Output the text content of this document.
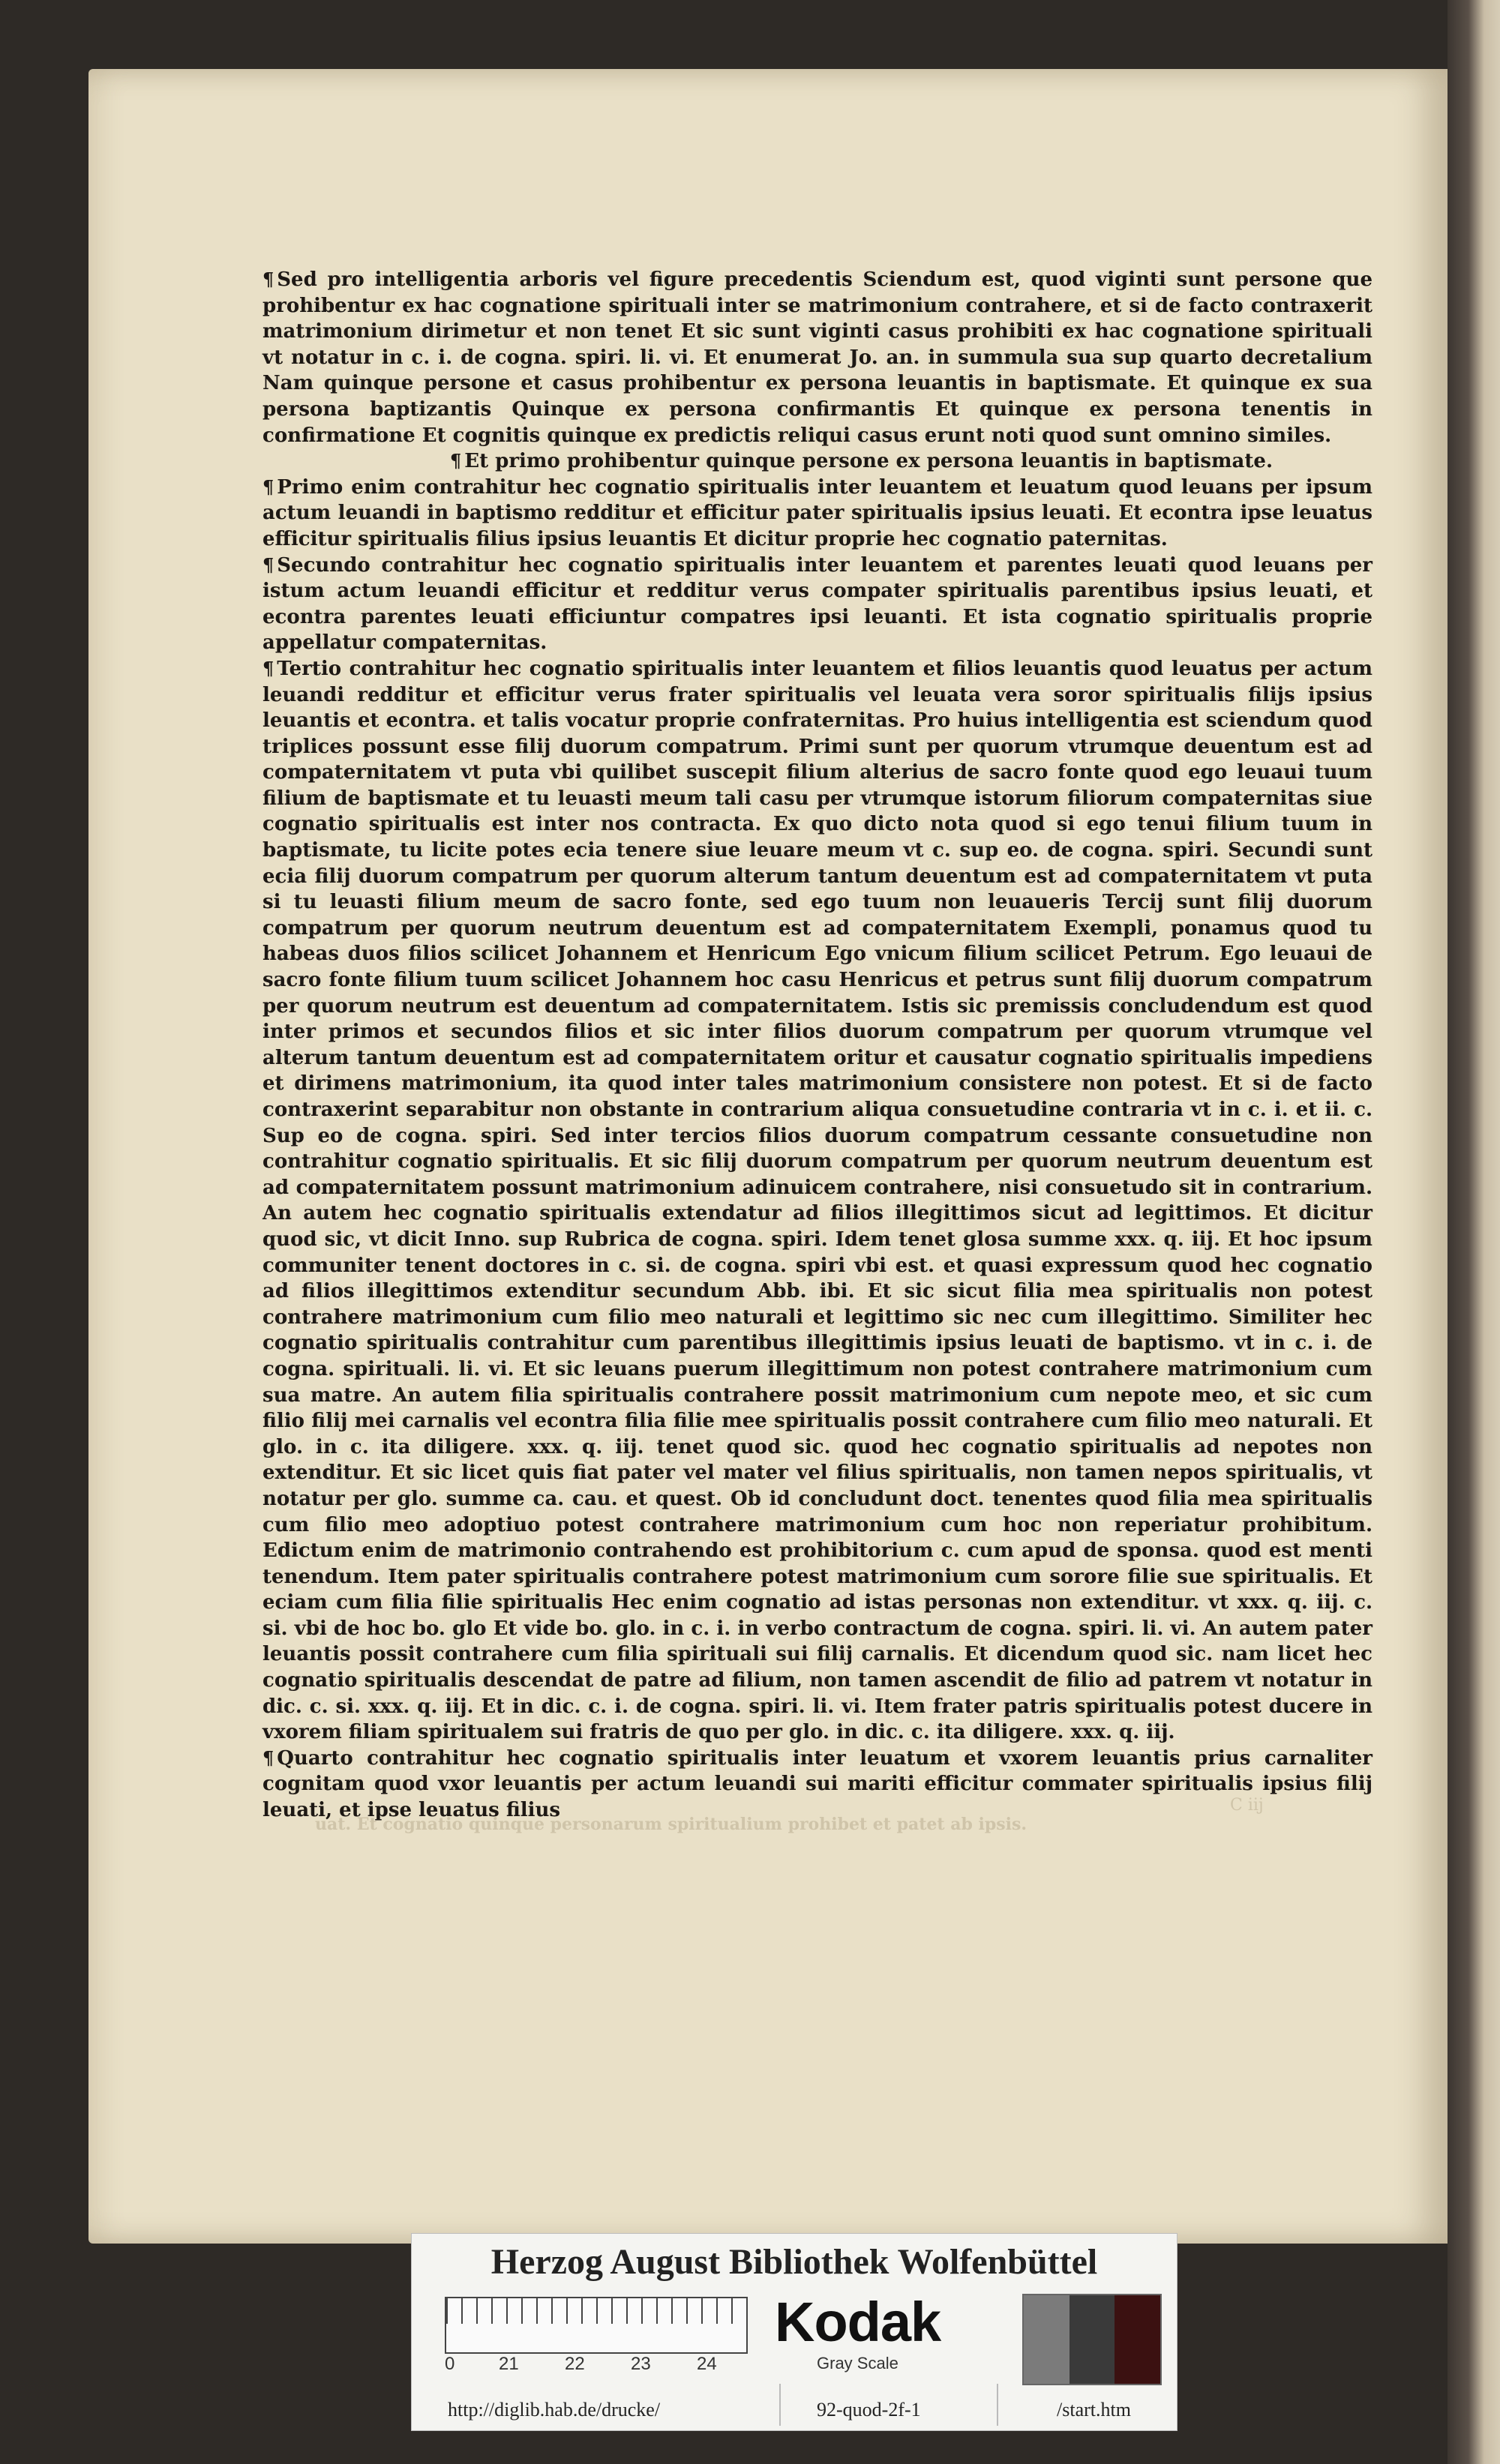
¶ Sed pro intelligentia arboris vel figure precedentis Sciendum est, quod viginti sunt persone que prohibentur ex hac cognatione spirituali inter se matrimonium contrahere, et si de facto contraxerit matrimonium dirimetur et non tenet Et sic sunt viginti casus prohibiti ex hac cognatione spirituali vt notatur in c. i. de cogna. spiri. li. vi. Et enumerat Jo. an. in summula sua sup quarto decretalium Nam quinque persone et casus prohibentur ex persona leuantis in baptismate. Et quinque ex sua persona baptizantis Quinque ex persona confirmantis Et quinque ex persona tenentis in confirmatione Et cognitis quinque ex predictis reliqui casus erunt noti quod sunt omnino similes.

¶ Et primo prohibentur quinque persone ex persona leuantis in baptismate.

¶ Primo enim contrahitur hec cognatio spiritualis inter leuantem et leuatum quod leuans per ipsum actum leuandi in baptismo redditur et efficitur pater spiritualis ipsius leuati. Et econtra ipse leuatus efficitur spiritualis filius ipsius leuantis Et dicitur proprie hec cognatio paternitas.

¶ Secundo contrahitur hec cognatio spiritualis inter leuantem et parentes leuati quod leuans per istum actum leuandi efficitur et redditur verus compater spiritualis parentibus ipsius leuati, et econtra parentes leuati efficiuntur compatres ipsi leuanti. Et ista cognatio spiritualis proprie appellatur compaternitas.

¶ Tertio contrahitur hec cognatio spiritualis inter leuantem et filios leuantis quod leuatus per actum leuandi redditur et efficitur verus frater spiritualis vel leuata vera soror spiritualis filijs ipsius leuantis et econtra. et talis vocatur proprie confraternitas. Pro huius intelligentia est sciendum quod triplices possunt esse filij duorum compatrum. Primi sunt per quorum vtrumque deuentum est ad compaternitatem vt puta vbi quilibet suscepit filium alterius de sacro fonte quod ego leuaui tuum filium de baptismate et tu leuasti meum tali casu per vtrumque istorum filiorum compaternitas siue cognatio spiritualis est inter nos contracta. Ex quo dicto nota quod si ego tenui filium tuum in baptismate, tu licite potes ecia tenere siue leuare meum vt c. sup eo. de cogna. spiri. Secundi sunt ecia filij duorum compatrum per quorum alterum tantum deuentum est ad compaternitatem vt puta si tu leuasti filium meum de sacro fonte, sed ego tuum non leuaueris Tercij sunt filij duorum compatrum per quorum neutrum deuentum est ad compaternitatem Exempli, ponamus quod tu habeas duos filios scilicet Johannem et Henricum Ego vnicum filium scilicet Petrum. Ego leuaui de sacro fonte filium tuum scilicet Johannem hoc casu Henricus et petrus sunt filij duorum compatrum per quorum neutrum est deuentum ad compaternitatem. Istis sic premissis concludendum est quod inter primos et secundos filios et sic inter filios duorum compatrum per quorum vtrumque vel alterum tantum deuentum est ad compaternitatem oritur et causatur cognatio spiritualis impediens et dirimens matrimonium, ita quod inter tales matrimonium consistere non potest. Et si de facto contraxerint separabitur non obstante in contrarium aliqua consuetudine contraria vt in c. i. et ii. c. Sup eo de cogna. spiri. Sed inter tercios filios duorum compatrum cessante consuetudine non contrahitur cognatio spiritualis. Et sic filij duorum compatrum per quorum neutrum deuentum est ad compaternitatem possunt matrimonium adinuicem contrahere, nisi consuetudo sit in contrarium. An autem hec cognatio spiritualis extendatur ad filios illegittimos sicut ad legittimos. Et dicitur quod sic, vt dicit Inno. sup Rubrica de cogna. spiri. Idem tenet glosa summe xxx. q. iij. Et hoc ipsum communiter tenent doctores in c. si. de cogna. spiri vbi est. et quasi expressum quod hec cognatio ad filios illegittimos extenditur secundum Abb. ibi. Et sic sicut filia mea spiritualis non potest contrahere matrimonium cum filio meo naturali et legittimo sic nec cum illegittimo. Similiter hec cognatio spiritualis contrahitur cum parentibus illegittimis ipsius leuati de baptismo. vt in c. i. de cogna. spirituali. li. vi. Et sic leuans puerum illegittimum non potest contrahere matrimonium cum sua matre. An autem filia spiritualis contrahere possit matrimonium cum nepote meo, et sic cum filio filij mei carnalis vel econtra filia filie mee spiritualis possit contrahere cum filio meo naturali. Et glo. in c. ita diligere. xxx. q. iij. tenet quod sic. quod hec cognatio spiritualis ad nepotes non extenditur. Et sic licet quis fiat pater vel mater vel filius spiritualis, non tamen nepos spiritualis, vt notatur per glo. summe ca. cau. et quest. Ob id concludunt doct. tenentes quod filia mea spiritualis cum filio meo adoptiuo potest contrahere matrimonium cum hoc non reperiatur prohibitum. Edictum enim de matrimonio contrahendo est prohibitorium c. cum apud de sponsa. quod est menti tenendum. Item pater spiritualis contrahere potest matrimonium cum sorore filie sue spiritualis. Et eciam cum filia filie spiritualis Hec enim cognatio ad istas personas non extenditur. vt xxx. q. iij. c. si. vbi de hoc bo. glo Et vide bo. glo. in c. i. in verbo contractum de cogna. spiri. li. vi. An autem pater leuantis possit contrahere cum filia spirituali sui filij carnalis. Et dicendum quod sic. nam licet hec cognatio spiritualis descendat de patre ad filium, non tamen ascendit de filio ad patrem vt notatur in dic. c. si. xxx. q. iij. Et in dic. c. i. de cogna. spiri. li. vi. Item frater patris spiritualis potest ducere in vxorem filiam spiritualem sui fratris de quo per glo. in dic. c. ita diligere. xxx. q. iij.

¶ Quarto contrahitur hec cognatio spiritualis inter leuatum et vxorem leuantis prius carnaliter cognitam quod vxor leuantis per actum leuandi sui mariti efficitur commater spiritualis ipsius filij leuati, et ipse leuatus filius

uat. Et cognatio quinque personarum spiritualium prohibet et patet ab ipsis.
C iij
Herzog August Bibliothek Wolfenbüttel
0 21	22	23	24
Kodak
Gray Scale
http://diglib.hab.de/drucke/	92-quod-2f-1	/start.htm
